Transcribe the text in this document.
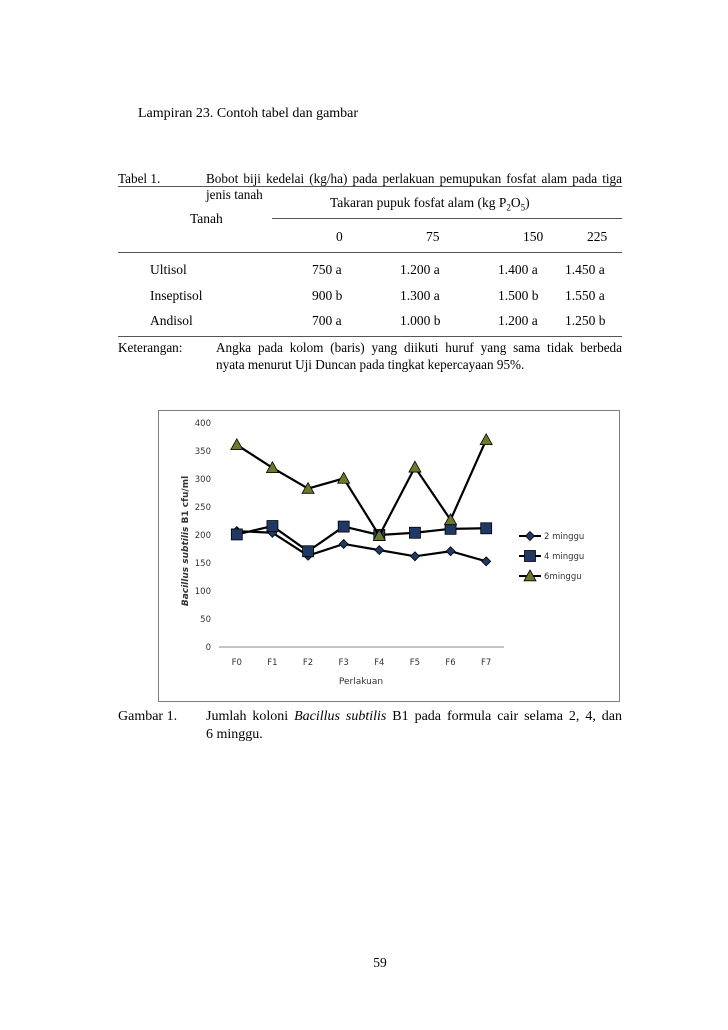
Lampiran 23. Contoh tabel dan gambar
Tabel 1.	Bobot biji kedelai (kg/ha) pada perlakuan pemupukan fosfat alam pada tiga
jenis tanah
Tanah
Takaran pupuk fosfat alam (kg $P_2O_5$)
0	75	150	225
Ultisol	750 a	1.200 a	1.400 a 1.450 a
Inseptisol	900 b	1.300 a	1.500 b 1.550 a
Andisol	700 a	1.000 b	1.200 a 1.250 b
Keterangan:	Angka pada kolom (baris) yang diikuti huruf yang sama tidak berbeda
nyata menurut Uji Duncan pada tingkat kepercayaan 95%.
0
50
100
150
200
250
300
350
400
F0	F1	F2	F3	F4	F5	F6	F7
2 minggu
4 minggu
6minggu
Perlakuan
Bacillus subtilis B1 cfu/ml
Gambar 1. Jumlah koloni Bacillus subtilis B1 pada formula cair selama 2, 4, dan
6 minggu.
59
